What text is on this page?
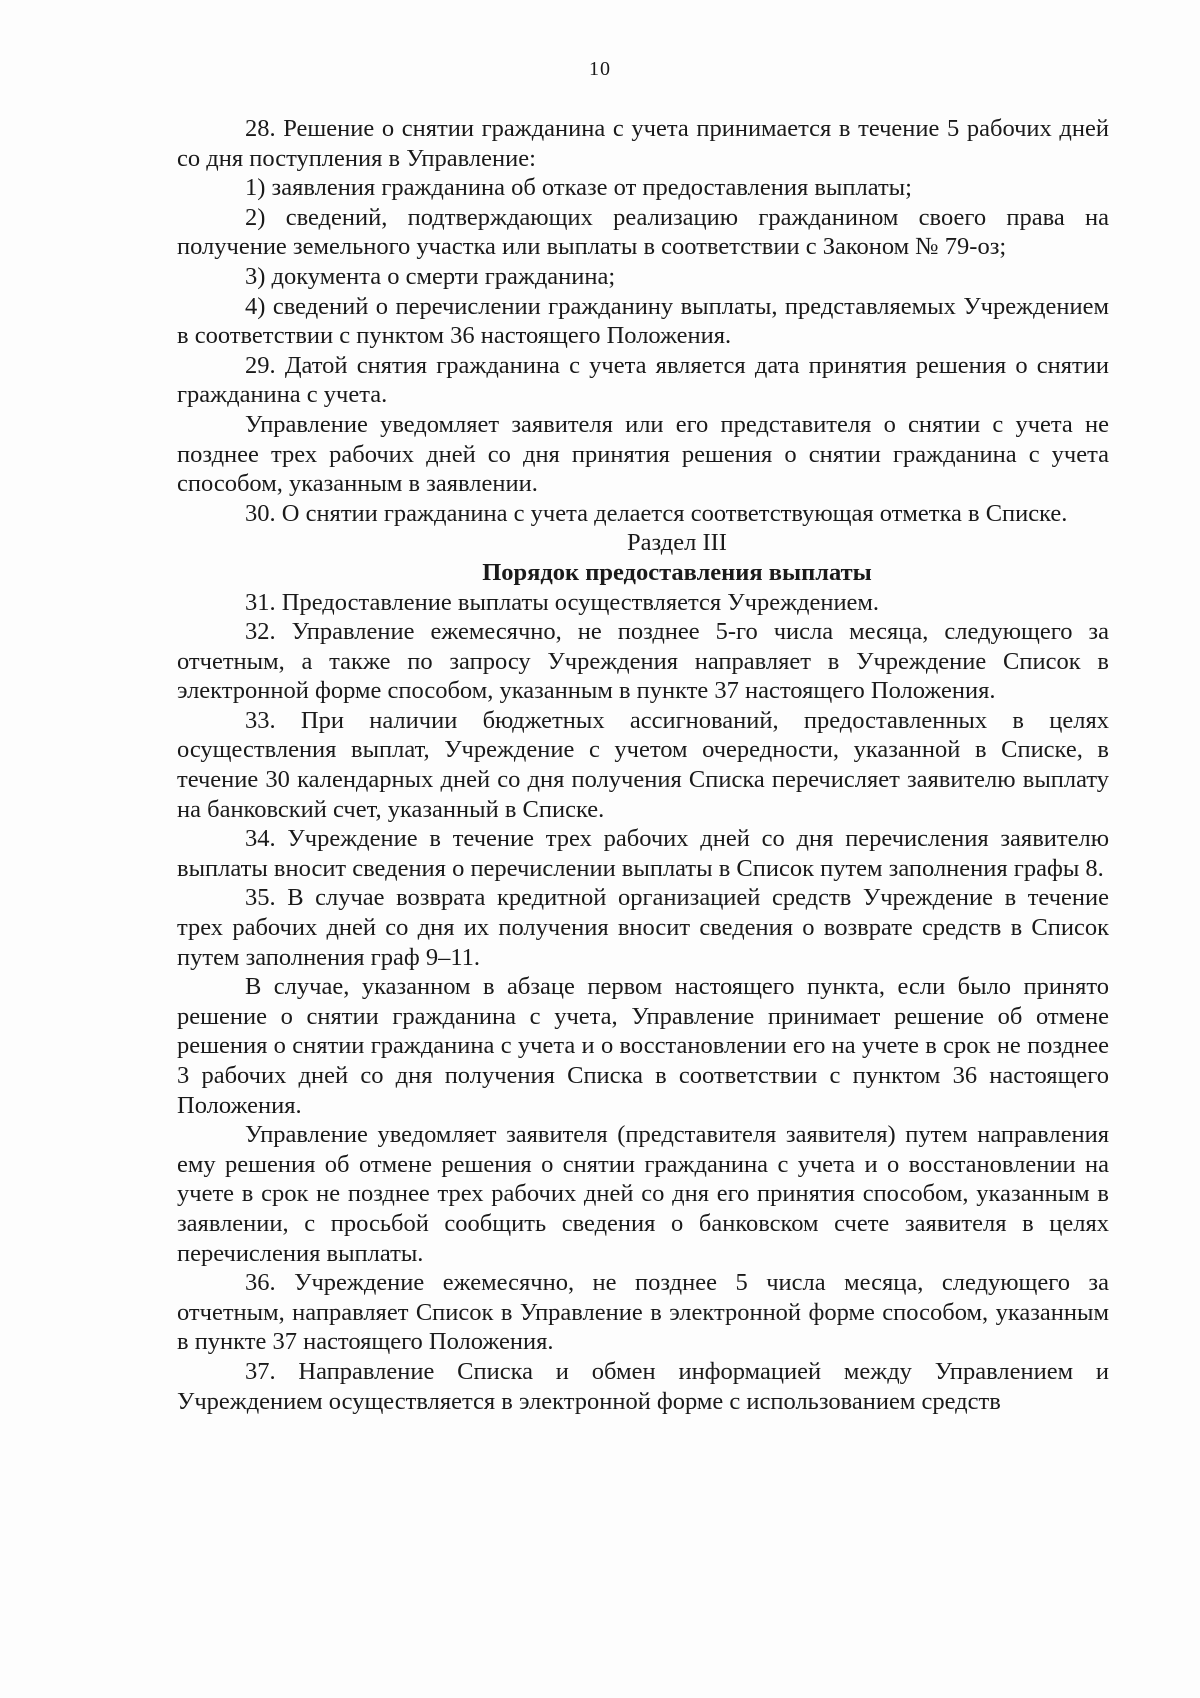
10

28. Решение о снятии гражданина с учета принимается в течение 5 рабочих дней со дня поступления в Управление:

1) заявления гражданина об отказе от предоставления выплаты;

2) сведений, подтверждающих реализацию гражданином своего права на получение земельного участка или выплаты в соответствии с Законом № 79-оз;

3) документа о смерти гражданина;

4) сведений о перечислении гражданину выплаты, представляемых Учреждением в соответствии с пунктом 36 настоящего Положения.

29. Датой снятия гражданина с учета является дата принятия решения о снятии гражданина с учета.

Управление уведомляет заявителя или его представителя о снятии с учета не позднее трех рабочих дней со дня принятия решения о снятии гражданина с учета способом, указанным в заявлении.

30. О снятии гражданина с учета делается соответствующая отметка в Списке.

Раздел III

Порядок предоставления выплаты

31. Предоставление выплаты осуществляется Учреждением.

32. Управление ежемесячно, не позднее 5-го числа месяца, следующего за отчетным, а также по запросу Учреждения направляет в Учреждение Список в электронной форме способом, указанным в пункте 37 настоящего Положения.

33. При наличии бюджетных ассигнований, предоставленных в целях осуществления выплат, Учреждение с учетом очередности, указанной в Списке, в течение 30 календарных дней со дня получения Списка перечисляет заявителю выплату на банковский счет, указанный в Списке.

34. Учреждение в течение трех рабочих дней со дня перечисления заявителю выплаты вносит сведения о перечислении выплаты в Список путем заполнения графы 8.

35. В случае возврата кредитной организацией средств Учреждение в течение трех рабочих дней со дня их получения вносит сведения о возврате средств в Список путем заполнения граф 9–11.

В случае, указанном в абзаце первом настоящего пункта, если было принято решение о снятии гражданина с учета, Управление принимает решение об отмене решения о снятии гражданина с учета и о восстановлении его на учете в срок не позднее 3 рабочих дней со дня получения Списка в соответствии с пунктом 36 настоящего Положения.

Управление уведомляет заявителя (представителя заявителя) путем направления ему решения об отмене решения о снятии гражданина с учета и о восстановлении на учете в срок не позднее трех рабочих дней со дня его принятия способом, указанным в заявлении, с просьбой сообщить сведения о банковском счете заявителя в целях перечисления выплаты.

36. Учреждение ежемесячно, не позднее 5 числа месяца, следующего за отчетным, направляет Список в Управление в электронной форме способом, указанным в пункте 37 настоящего Положения.

37. Направление Списка и обмен информацией между Управлением и Учреждением осуществляется в электронной форме с использованием средств
